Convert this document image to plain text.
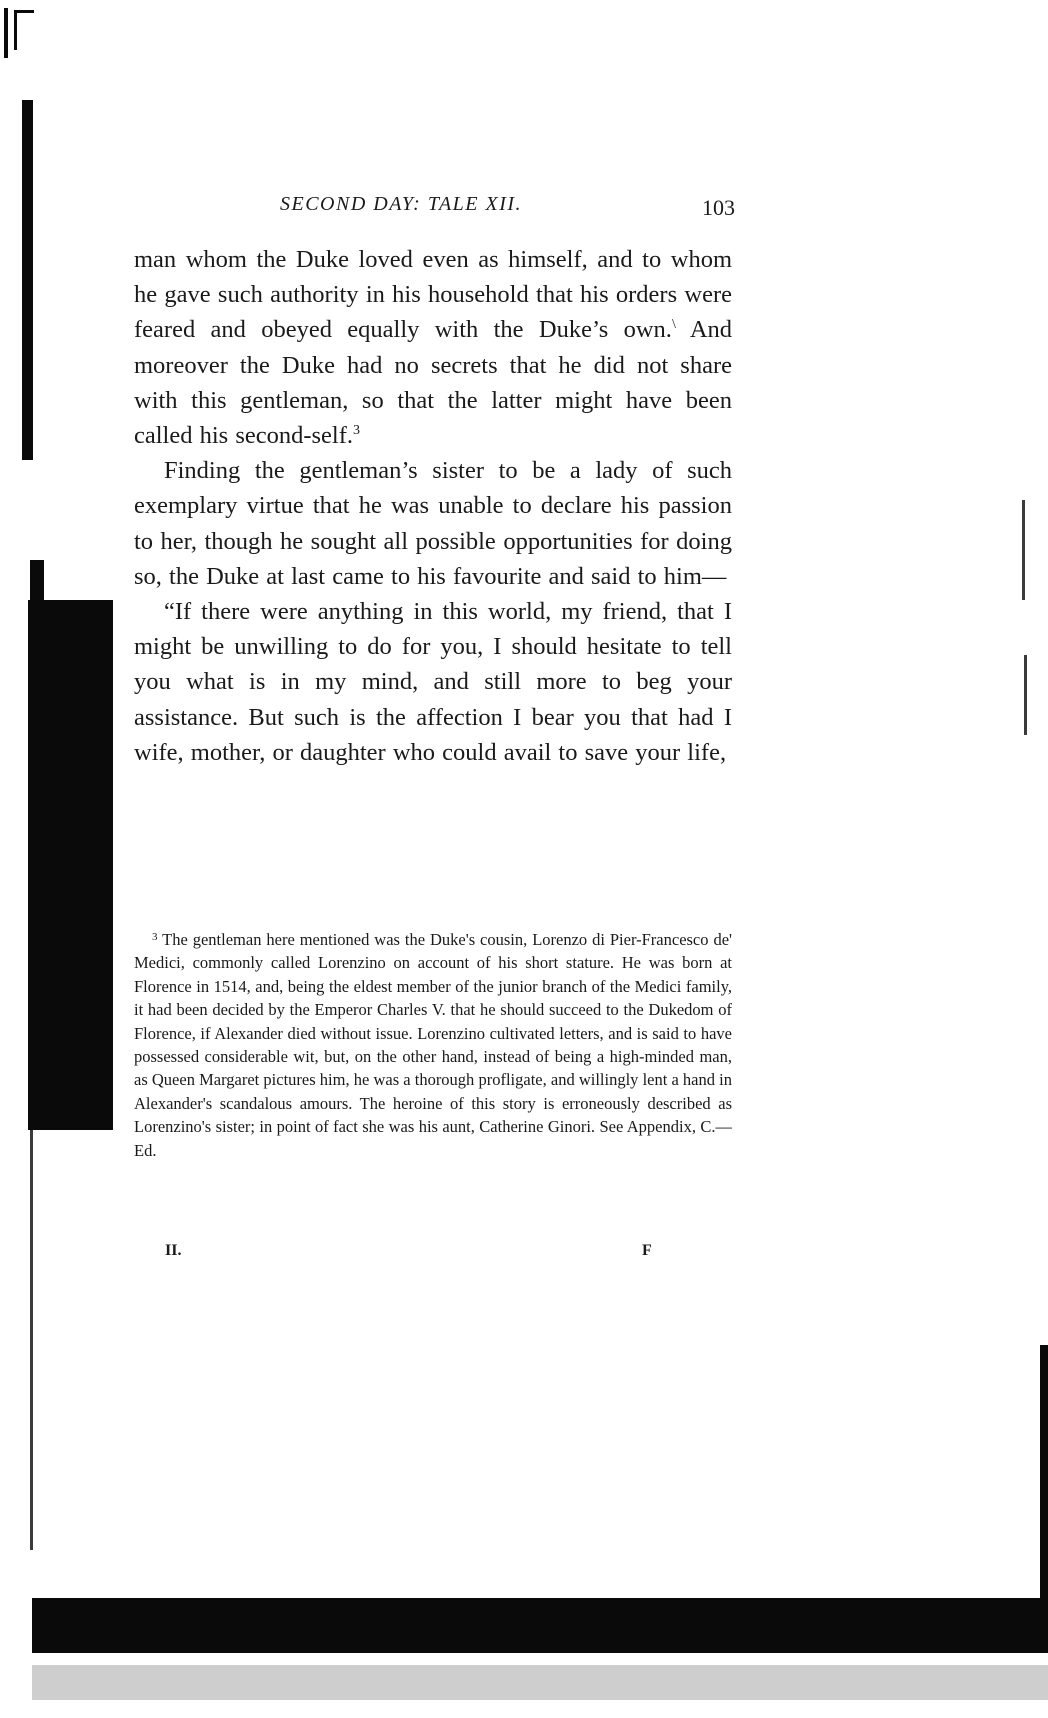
SECOND DAY: TALE XII.	103

man whom the Duke loved even as himself, and to whom he gave such authority in his household that his orders were feared and obeyed equally with the Duke’s own.\ And moreover the Duke had no secrets that he did not share with this gentleman, so that the latter might have been called his second-self.$^3$

Finding the gentleman’s sister to be a lady of such exemplary virtue that he was unable to declare his passion to her, though he sought all possible opportunities for doing so, the Duke at last came to his favourite and said to him—

“If there were anything in this world, my friend, that I might be unwilling to do for you, I should hesitate to tell you what is in my mind, and still more to beg your assistance. But such is the affection I bear you that had I wife, mother, or daughter who could avail to save your life,

$^3$ The gentleman here mentioned was the Duke's cousin, Lorenzo di Pier-Francesco de' Medici, commonly called Lorenzino on account of his short stature. He was born at Florence in 1514, and, being the eldest member of the junior branch of the Medici family, it had been decided by the Emperor Charles V. that he should succeed to the Dukedom of Florence, if Alexander died without issue. Lorenzino cultivated letters, and is said to have possessed considerable wit, but, on the other hand, instead of being a high-minded man, as Queen Margaret pictures him, he was a thorough profligate, and willingly lent a hand in Alexander's scandalous amours. The heroine of this story is erroneously described as Lorenzino's sister; in point of fact she was his aunt, Catherine Ginori. See Appendix, C.—Ed.
II.	F
